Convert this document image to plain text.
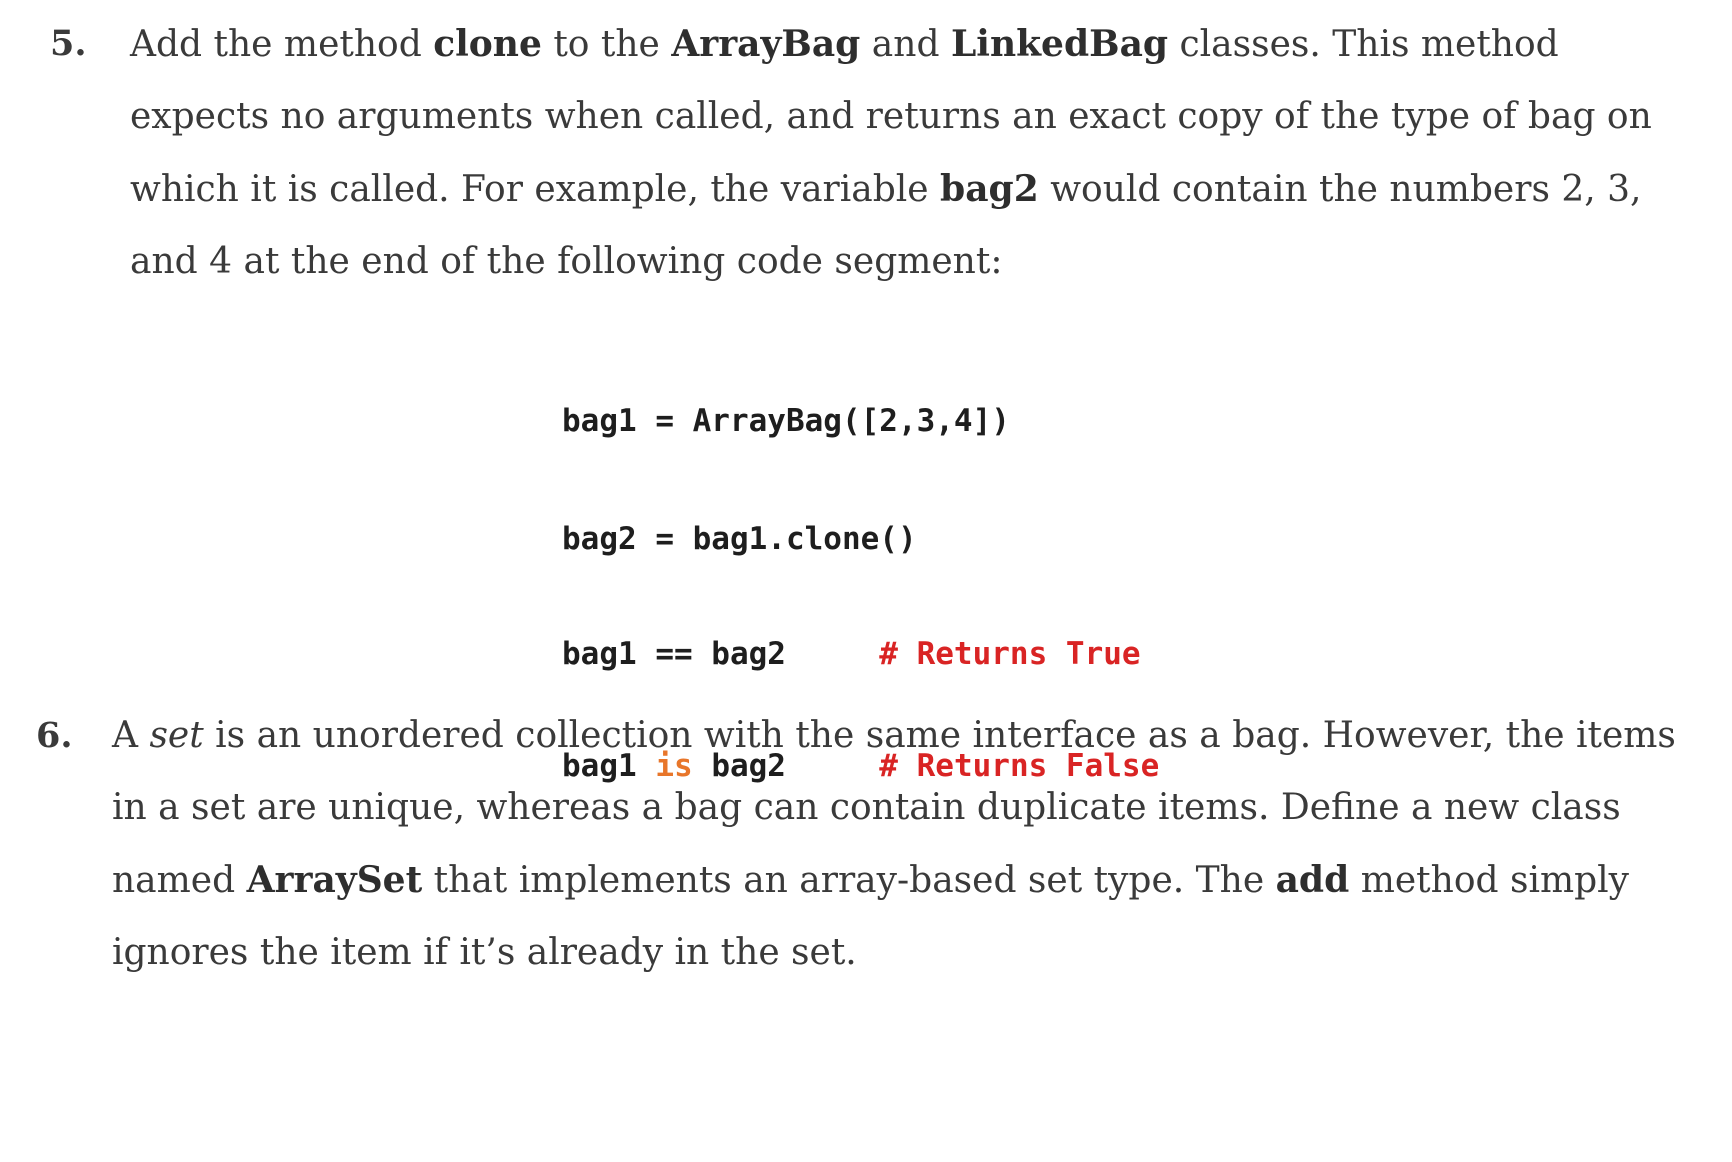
5. Add the method clone to the ArrayBag and LinkedBag classes. This method expects no arguments when called, and returns an exact copy of the type of bag on which it is called. For example, the variable bag2 would contain the numbers 2, 3, and 4 at the end of the following code segment:

bag1 = ArrayBag([2,3,4])

bag2 = bag1.clone()

bag1 == bag2     # Returns True

bag1 is bag2     # Returns False

6. A set is an unordered collection with the same interface as a bag. However, the items in a set are unique, whereas a bag can contain duplicate items. Define a new class named ArraySet that implements an array-based set type. The add method simply ignores the item if it’s already in the set.
